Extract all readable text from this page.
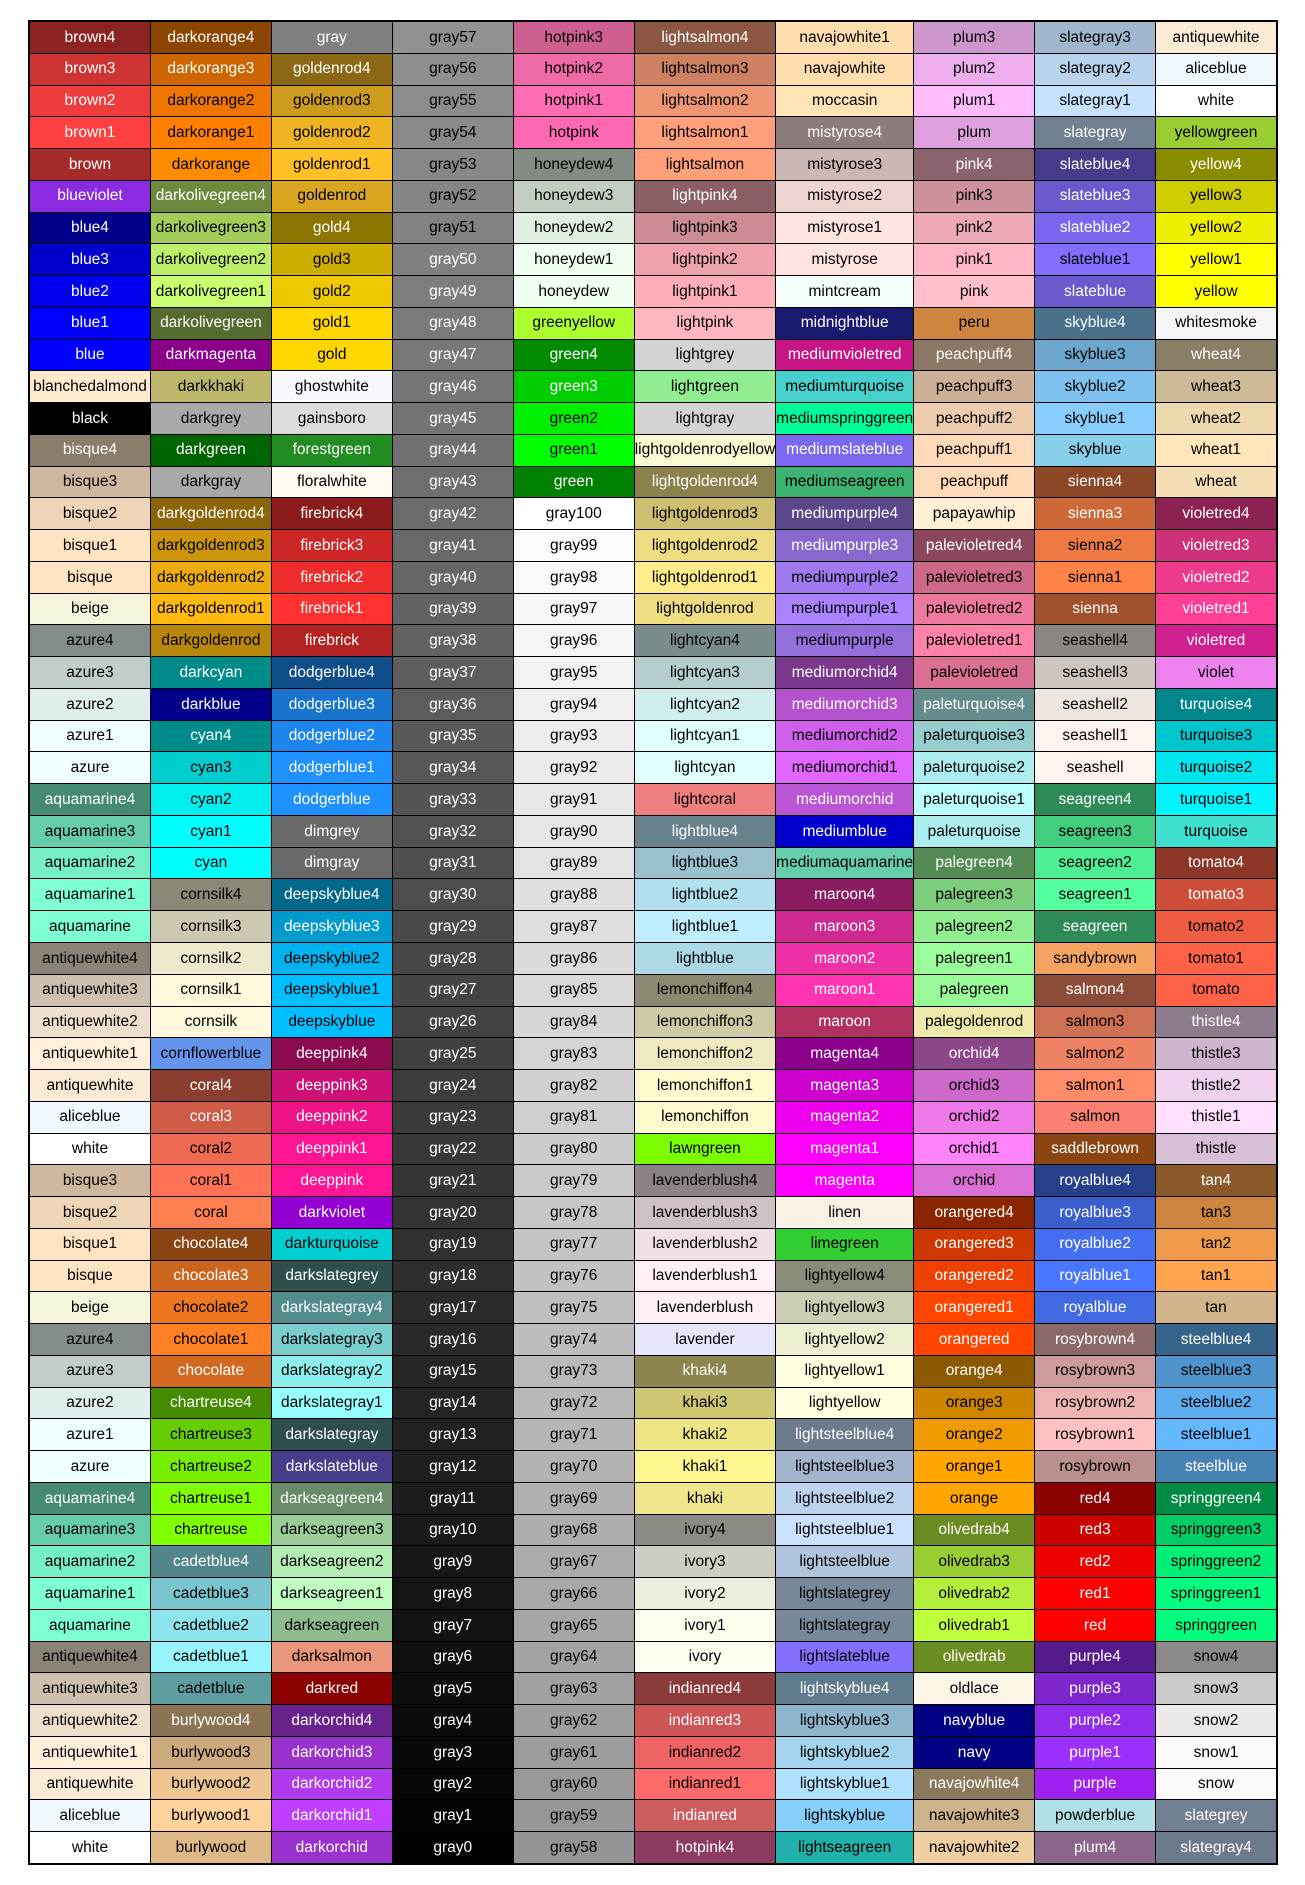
brown4
brown3
brown2
brown1
brown
blueviolet
blue4
blue3
blue2
blue1
blue
blanchedalmond
black
bisque4
bisque3
bisque2
bisque1
bisque
beige
azure4
azure3
azure2
azure1
azure
aquamarine4
aquamarine3
aquamarine2
aquamarine1
aquamarine
antiquewhite4
antiquewhite3
antiquewhite2
antiquewhite1
antiquewhite
aliceblue
white
bisque3
bisque2
bisque1
bisque
beige
azure4
azure3
azure2
azure1
azure
aquamarine4
aquamarine3
aquamarine2
aquamarine1
aquamarine
antiquewhite4
antiquewhite3
antiquewhite2
antiquewhite1
antiquewhite
aliceblue
white
darkorange4
darkorange3
darkorange2
darkorange1
darkorange
darkolivegreen4
darkolivegreen3
darkolivegreen2
darkolivegreen1
darkolivegreen
darkmagenta
darkkhaki
darkgrey
darkgreen
darkgray
darkgoldenrod4
darkgoldenrod3
darkgoldenrod2
darkgoldenrod1
darkgoldenrod
darkcyan
darkblue
cyan4
cyan3
cyan2
cyan1
cyan
cornsilk4
cornsilk3
cornsilk2
cornsilk1
cornsilk
cornflowerblue
coral4
coral3
coral2
coral1
coral
chocolate4
chocolate3
chocolate2
chocolate1
chocolate
chartreuse4
chartreuse3
chartreuse2
chartreuse1
chartreuse
cadetblue4
cadetblue3
cadetblue2
cadetblue1
cadetblue
burlywood4
burlywood3
burlywood2
burlywood1
burlywood
gray
goldenrod4
goldenrod3
goldenrod2
goldenrod1
goldenrod
gold4
gold3
gold2
gold1
gold
ghostwhite
gainsboro
forestgreen
floralwhite
firebrick4
firebrick3
firebrick2
firebrick1
firebrick
dodgerblue4
dodgerblue3
dodgerblue2
dodgerblue1
dodgerblue
dimgrey
dimgray
deepskyblue4
deepskyblue3
deepskyblue2
deepskyblue1
deepskyblue
deeppink4
deeppink3
deeppink2
deeppink1
deeppink
darkviolet
darkturquoise
darkslategrey
darkslategray4
darkslategray3
darkslategray2
darkslategray1
darkslategray
darkslateblue
darkseagreen4
darkseagreen3
darkseagreen2
darkseagreen1
darkseagreen
darksalmon
darkred
darkorchid4
darkorchid3
darkorchid2
darkorchid1
darkorchid
gray57
gray56
gray55
gray54
gray53
gray52
gray51
gray50
gray49
gray48
gray47
gray46
gray45
gray44
gray43
gray42
gray41
gray40
gray39
gray38
gray37
gray36
gray35
gray34
gray33
gray32
gray31
gray30
gray29
gray28
gray27
gray26
gray25
gray24
gray23
gray22
gray21
gray20
gray19
gray18
gray17
gray16
gray15
gray14
gray13
gray12
gray11
gray10
gray9
gray8
gray7
gray6
gray5
gray4
gray3
gray2
gray1
gray0
hotpink3
hotpink2
hotpink1
hotpink
honeydew4
honeydew3
honeydew2
honeydew1
honeydew
greenyellow
green4
green3
green2
green1
green
gray100
gray99
gray98
gray97
gray96
gray95
gray94
gray93
gray92
gray91
gray90
gray89
gray88
gray87
gray86
gray85
gray84
gray83
gray82
gray81
gray80
gray79
gray78
gray77
gray76
gray75
gray74
gray73
gray72
gray71
gray70
gray69
gray68
gray67
gray66
gray65
gray64
gray63
gray62
gray61
gray60
gray59
gray58
lightsalmon4
lightsalmon3
lightsalmon2
lightsalmon1
lightsalmon
lightpink4
lightpink3
lightpink2
lightpink1
lightpink
lightgrey
lightgreen
lightgray
lightgoldenrodyellow
lightgoldenrod4
lightgoldenrod3
lightgoldenrod2
lightgoldenrod1
lightgoldenrod
lightcyan4
lightcyan3
lightcyan2
lightcyan1
lightcyan
lightcoral
lightblue4
lightblue3
lightblue2
lightblue1
lightblue
lemonchiffon4
lemonchiffon3
lemonchiffon2
lemonchiffon1
lemonchiffon
lawngreen
lavenderblush4
lavenderblush3
lavenderblush2
lavenderblush1
lavenderblush
lavender
khaki4
khaki3
khaki2
khaki1
khaki
ivory4
ivory3
ivory2
ivory1
ivory
indianred4
indianred3
indianred2
indianred1
indianred
hotpink4
navajowhite1
navajowhite
moccasin
mistyrose4
mistyrose3
mistyrose2
mistyrose1
mistyrose
mintcream
midnightblue
mediumvioletred
mediumturquoise
mediumspringgreen
mediumslateblue
mediumseagreen
mediumpurple4
mediumpurple3
mediumpurple2
mediumpurple1
mediumpurple
mediumorchid4
mediumorchid3
mediumorchid2
mediumorchid1
mediumorchid
mediumblue
mediumaquamarine
maroon4
maroon3
maroon2
maroon1
maroon
magenta4
magenta3
magenta2
magenta1
magenta
linen
limegreen
lightyellow4
lightyellow3
lightyellow2
lightyellow1
lightyellow
lightsteelblue4
lightsteelblue3
lightsteelblue2
lightsteelblue1
lightsteelblue
lightslategrey
lightslategray
lightslateblue
lightskyblue4
lightskyblue3
lightskyblue2
lightskyblue1
lightskyblue
lightseagreen
plum3
plum2
plum1
plum
pink4
pink3
pink2
pink1
pink
peru
peachpuff4
peachpuff3
peachpuff2
peachpuff1
peachpuff
papayawhip
palevioletred4
palevioletred3
palevioletred2
palevioletred1
palevioletred
paleturquoise4
paleturquoise3
paleturquoise2
paleturquoise1
paleturquoise
palegreen4
palegreen3
palegreen2
palegreen1
palegreen
palegoldenrod
orchid4
orchid3
orchid2
orchid1
orchid
orangered4
orangered3
orangered2
orangered1
orangered
orange4
orange3
orange2
orange1
orange
olivedrab4
olivedrab3
olivedrab2
olivedrab1
olivedrab
oldlace
navyblue
navy
navajowhite4
navajowhite3
navajowhite2
slategray3
slategray2
slategray1
slategray
slateblue4
slateblue3
slateblue2
slateblue1
slateblue
skyblue4
skyblue3
skyblue2
skyblue1
skyblue
sienna4
sienna3
sienna2
sienna1
sienna
seashell4
seashell3
seashell2
seashell1
seashell
seagreen4
seagreen3
seagreen2
seagreen1
seagreen
sandybrown
salmon4
salmon3
salmon2
salmon1
salmon
saddlebrown
royalblue4
royalblue3
royalblue2
royalblue1
royalblue
rosybrown4
rosybrown3
rosybrown2
rosybrown1
rosybrown
red4
red3
red2
red1
red
purple4
purple3
purple2
purple1
purple
powderblue
plum4
antiquewhite
aliceblue
white
yellowgreen
yellow4
yellow3
yellow2
yellow1
yellow
whitesmoke
wheat4
wheat3
wheat2
wheat1
wheat
violetred4
violetred3
violetred2
violetred1
violetred
violet
turquoise4
turquoise3
turquoise2
turquoise1
turquoise
tomato4
tomato3
tomato2
tomato1
tomato
thistle4
thistle3
thistle2
thistle1
thistle
tan4
tan3
tan2
tan1
tan
steelblue4
steelblue3
steelblue2
steelblue1
steelblue
springgreen4
springgreen3
springgreen2
springgreen1
springgreen
snow4
snow3
snow2
snow1
snow
slategrey
slategray4
